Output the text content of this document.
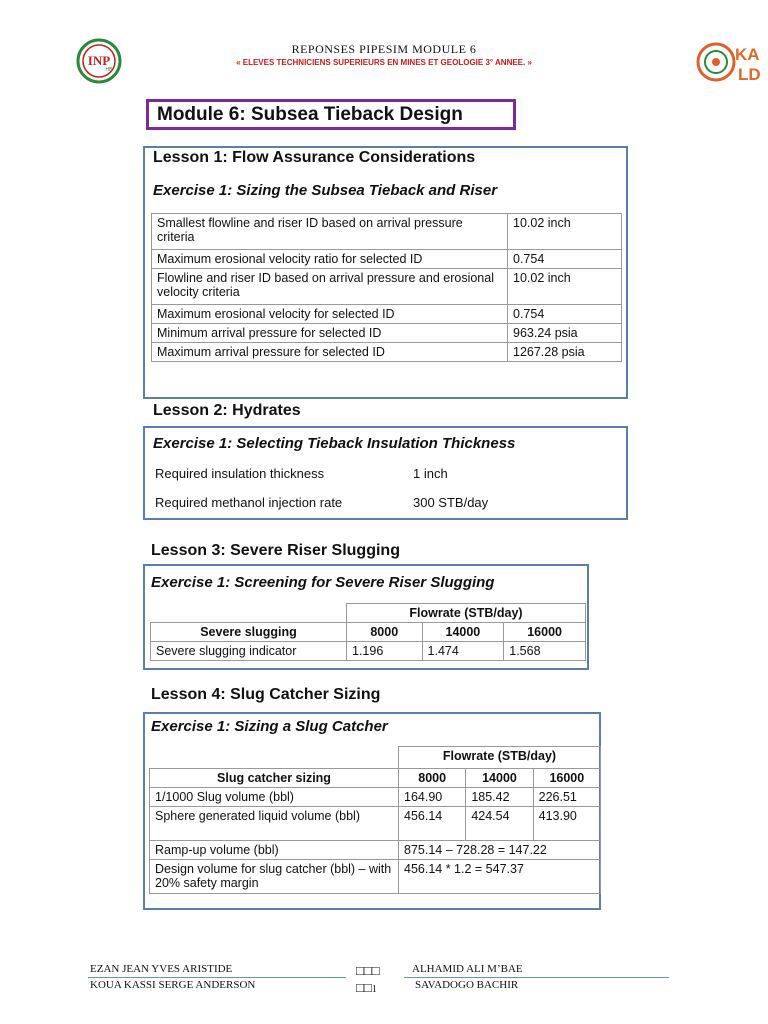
INP
HB
REPONSES PIPESIM MODULE 6
« ELEVES TECHNICIENS SUPERIEURS EN MINES ET GEOLOGIE 3° ANNEE. »	KA
LD
Module 6: Subsea Tieback Design
Lesson 1: Flow Assurance Considerations
Exercise 1: Sizing the Subsea Tieback and Riser
Smallest flowline and riser ID based on arrival pressure criteria	10.02 inch
Maximum erosional velocity ratio for selected ID	0.754
Flowline and riser ID based on arrival pressure and erosional velocity criteria	10.02 inch
Maximum erosional velocity for selected ID	0.754
Minimum arrival pressure for selected ID	963.24 psia
Maximum arrival pressure for selected ID	1267.28 psia
Lesson 2: Hydrates
Exercise 1: Selecting Tieback Insulation Thickness
Required insulation thickness	1 inch
Required methanol injection rate	300 STB/day
Lesson 3: Severe Riser Slugging
Exercise 1: Screening for Severe Riser Slugging
	Flowrate (STB/day)		
Severe slugging	8000	14000	16000
Severe slugging indicator	1.196	1.474	1.568
Lesson 4: Slug Catcher Sizing
Exercise 1: Sizing a Slug Catcher
	Flowrate (STB/day)		
Slug catcher sizing	8000	14000	16000
1/1000 Slug volume (bbl)	164.90	185.42	226.51
Sphere generated liquid volume (bbl)	456.14	424.54	413.90
Ramp-up volume (bbl)	875.14 – 728.28 = 147.22		
Design volume for slug catcher (bbl) – with 20% safety margin	456.14 * 1.2 = 547.37		
EZAN JEAN YVES ARISTIDE
KOUA KASSI SERGE ANDERSON
□□□
□□1
ALHAMID ALI M’BAE
SAVADOGO BACHIR
